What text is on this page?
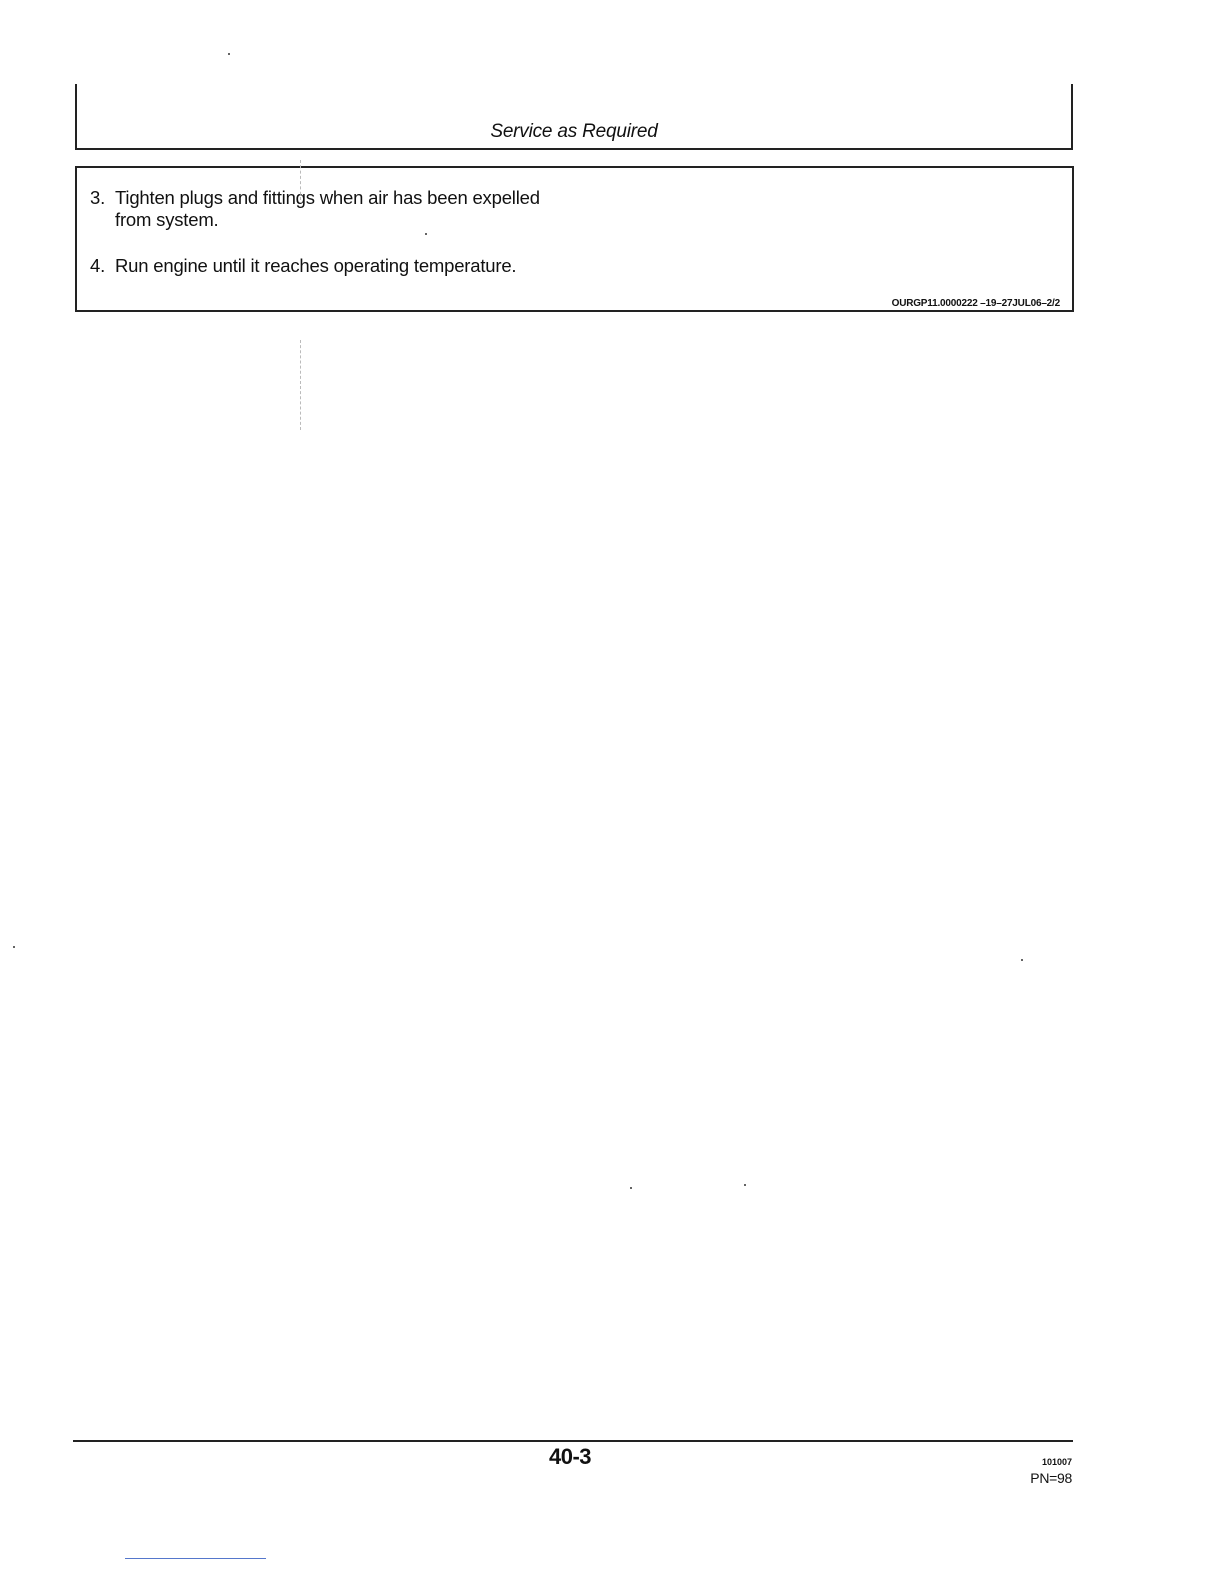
Service as Required
3. Tighten plugs and fittings when air has been expelled
from system.
4. Run engine until it reaches operating temperature.
OURGP11.0000222 –19–27JUL06–2/2
40-3	101007
PN=98
